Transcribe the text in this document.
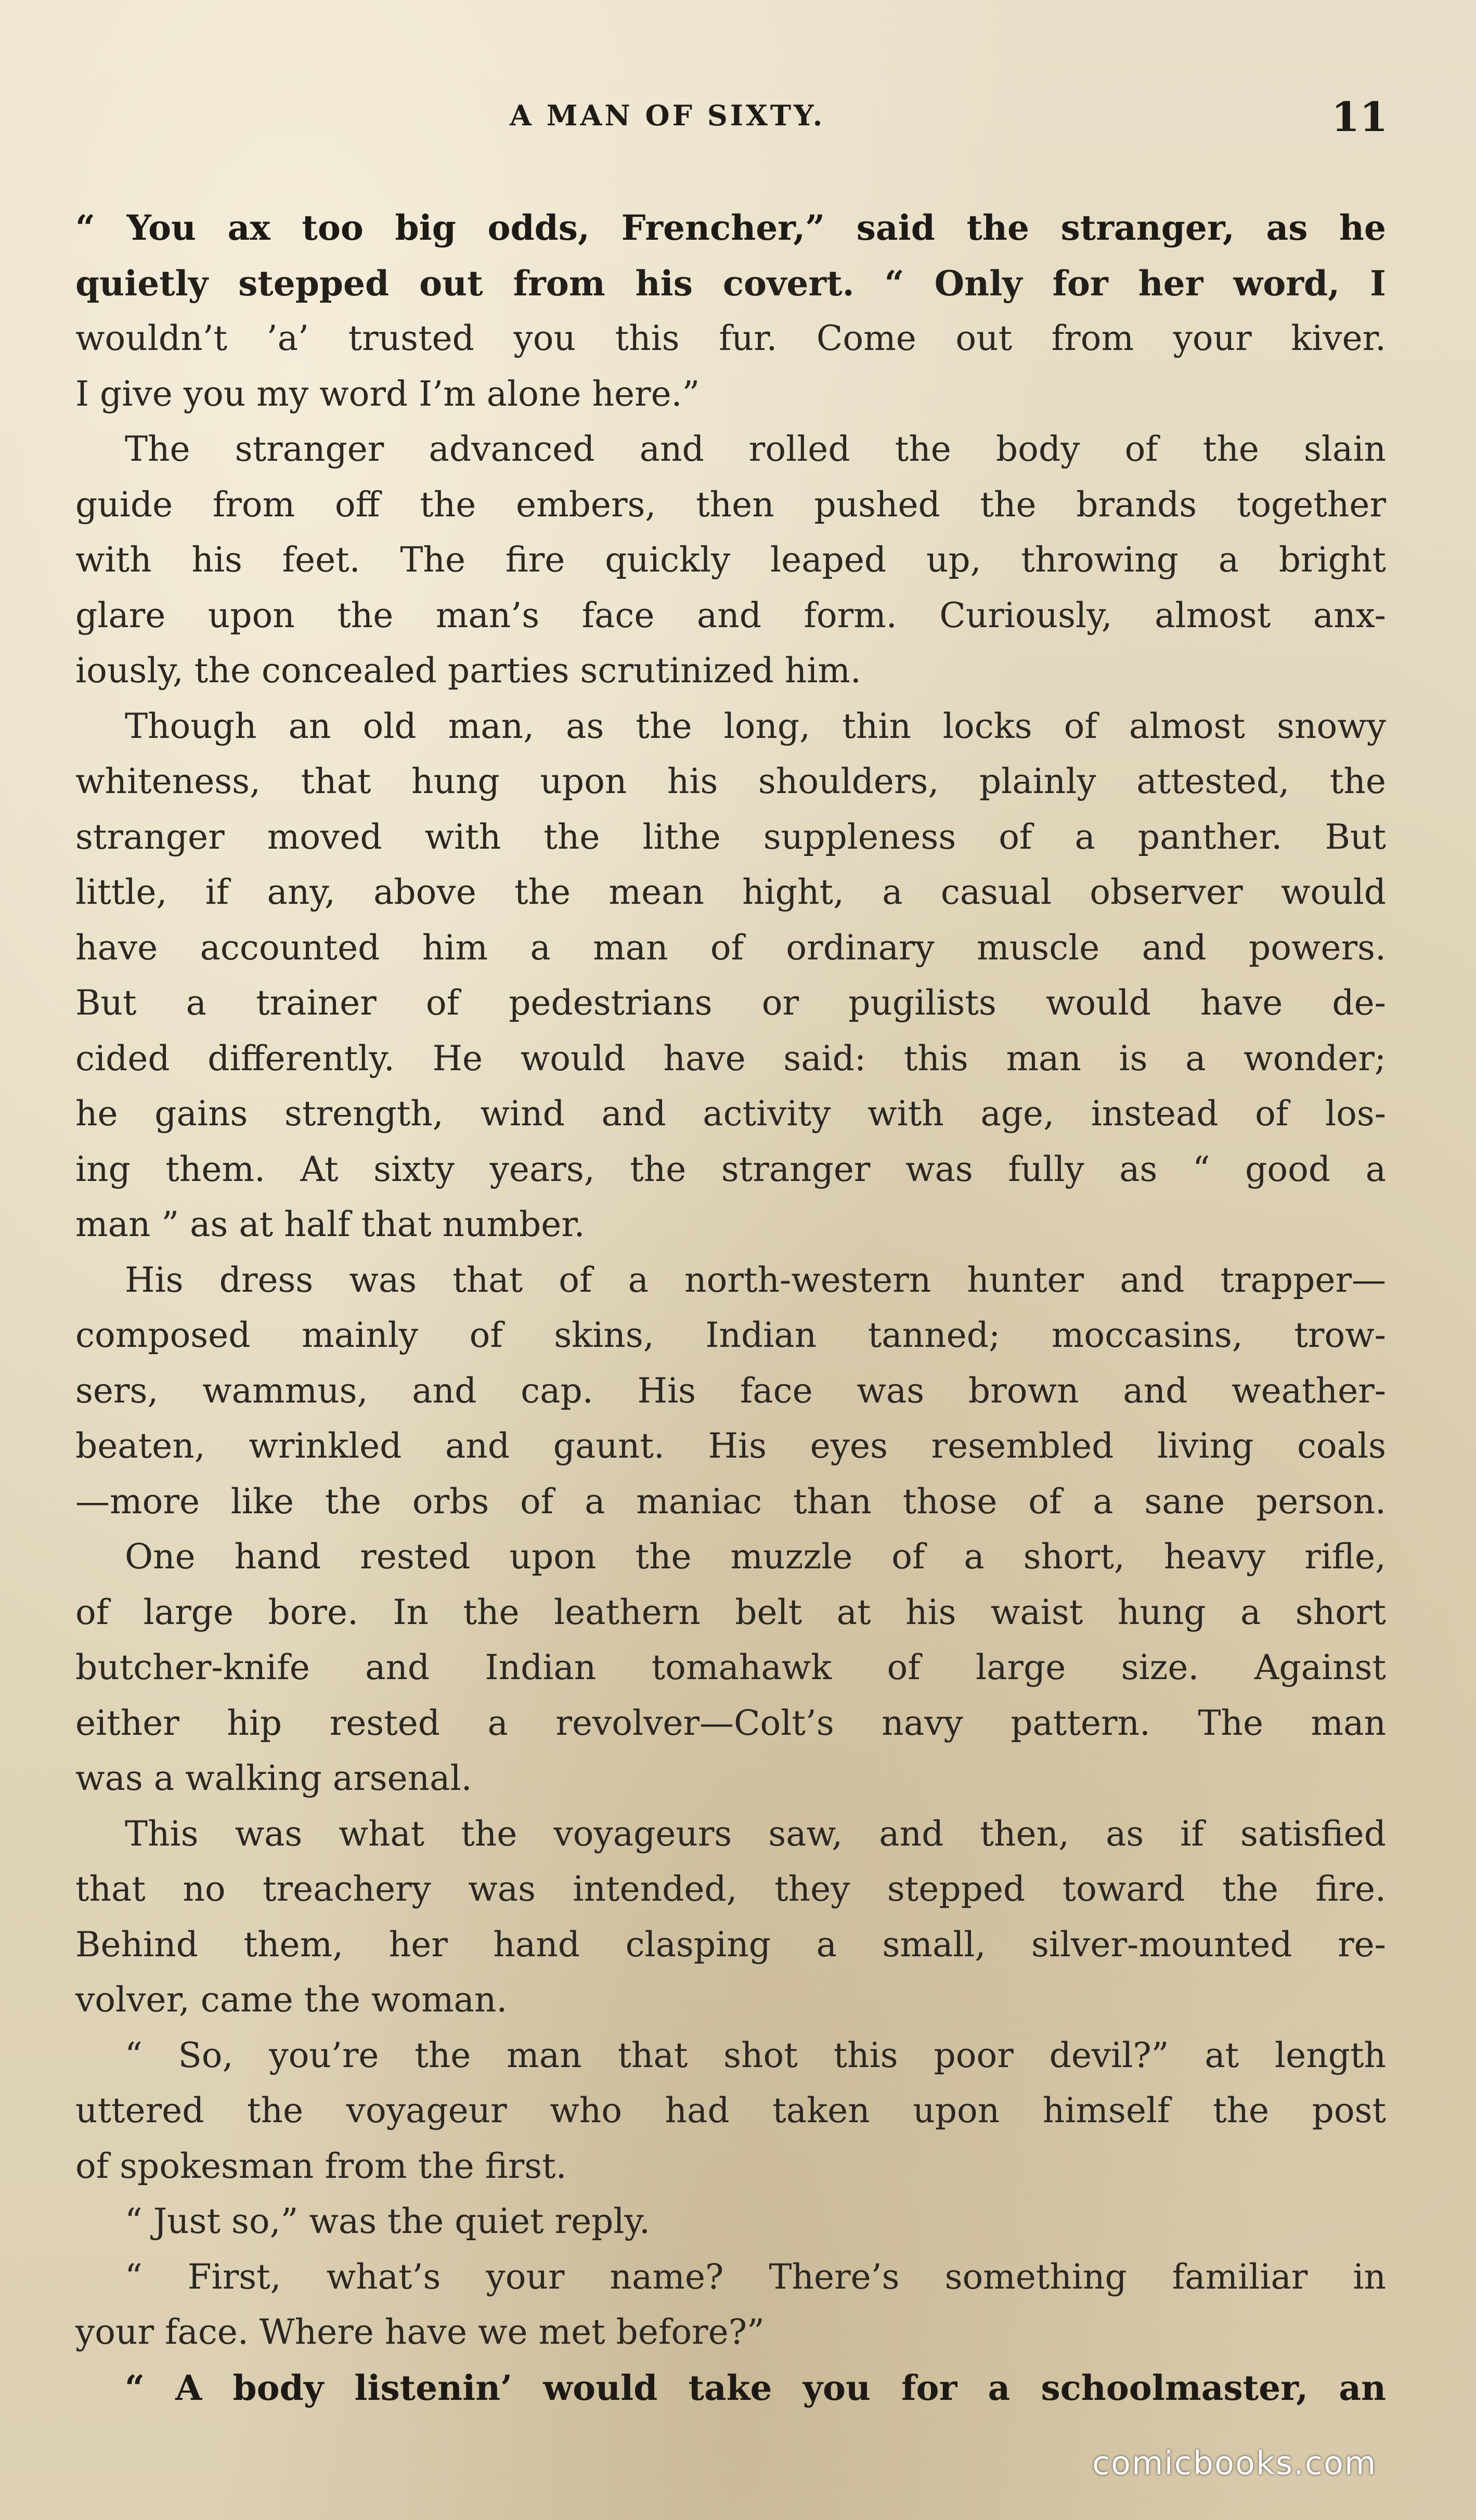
A MAN OF SIXTY.	11
“ You ax too big odds, Frencher,” said the stranger, as he
quietly stepped out from his covert. “ Only for her word, I
wouldn’t ’a’ trusted you this fur. Come out from your kiver.
I give you my word I’m alone here.”
The stranger advanced and rolled the body of the slain
guide from off the embers, then pushed the brands together
with his feet. The fire quickly leaped up, throwing a bright
glare upon the man’s face and form. Curiously, almost anx-
iously, the concealed parties scrutinized him.
Though an old man, as the long, thin locks of almost snowy
whiteness, that hung upon his shoulders, plainly attested, the
stranger moved with the lithe suppleness of a panther. But
little, if any, above the mean hight, a casual observer would
have accounted him a man of ordinary muscle and powers.
But a trainer of pedestrians or pugilists would have de-
cided differently. He would have said: this man is a wonder;
he gains strength, wind and activity with age, instead of los-
ing them. At sixty years, the stranger was fully as “ good a
man ” as at half that number.
His dress was that of a north-western hunter and trapper—
composed mainly of skins, Indian tanned; moccasins, trow-
sers, wammus, and cap. His face was brown and weather-
beaten, wrinkled and gaunt. His eyes resembled living coals
—more like the orbs of a maniac than those of a sane person.
One hand rested upon the muzzle of a short, heavy rifle,
of large bore. In the leathern belt at his waist hung a short
butcher-knife and Indian tomahawk of large size. Against
either hip rested a revolver—Colt’s navy pattern. The man
was a walking arsenal.
This was what the voyageurs saw, and then, as if satisfied
that no treachery was intended, they stepped toward the fire.
Behind them, her hand clasping a small, silver-mounted re-
volver, came the woman.
“ So, you’re the man that shot this poor devil?” at length
uttered the voyageur who had taken upon himself the post
of spokesman from the first.
“ Just so,” was the quiet reply.
“ First, what’s your name? There’s something familiar in
your face. Where have we met before?”
“ A body listenin’ would take you for a schoolmaster, an
comicbooks.com
